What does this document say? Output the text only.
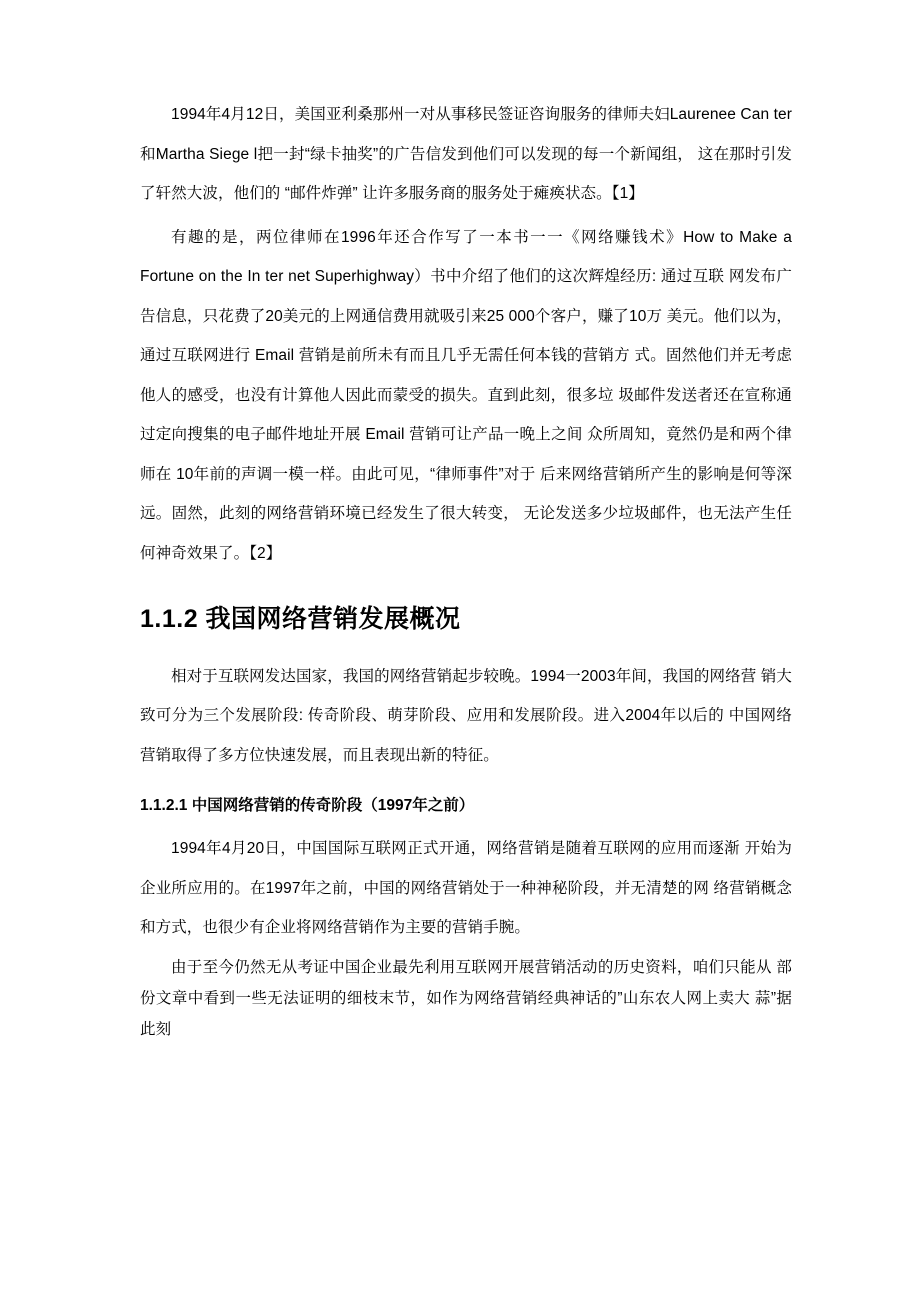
1994年4月12日，美国亚利桑那州一对从事移民签证咨询服务的律师夫妇Laurenee Can ter和Martha Siege l把一封“绿卡抽奖”的广告信发到他们可以发现的每一个新闻组， 这在那时引发了轩然大波，他们的 “邮件炸弹” 让许多服务商的服务处于瘫痪状态。【1】

有趣的是，两位律师在1996年还合作写了一本书一一《网络赚钱术》How to Make a Fortune on the In ter net Superhighway）书中介绍了他们的这次辉煌经历: 通过互联 网发布广告信息，只花费了20美元的上网通信费用就吸引来25 000个客户，赚了10万 美元。他们以为，通过互联网进行 Email 营销是前所未有而且几乎无需任何本钱的营销方 式。固然他们并无考虑他人的感受，也没有计算他人因此而蒙受的损失。直到此刻，很多垃 圾邮件发送者还在宣称通过定向搜集的电子邮件地址开展 Email 营销可让产品一晚上之间 众所周知，竟然仍是和两个律师在 10年前的声调一模一样。由此可见，“律师事件”对于 后来网络营销所产生的影响是何等深远。固然，此刻的网络营销环境已经发生了很大转变， 无论发送多少垃圾邮件，也无法产生任何神奇效果了。【2】

1.1.2 我国网络营销发展概况

相对于互联网发达国家，我国的网络营销起步较晚。1994一2003年间，我国的网络营 销大致可分为三个发展阶段: 传奇阶段、萌芽阶段、应用和发展阶段。进入2004年以后的 中国网络营销取得了多方位快速发展，而且表现出新的特征。

1.1.2.1 中国网络营销的传奇阶段（1997年之前）

1994年4月20日，中国国际互联网正式开通，网络营销是随着互联网的应用而逐渐 开始为企业所应用的。在1997年之前，中国的网络营销处于一种神秘阶段，并无清楚的网 络营销概念和方式，也很少有企业将网络营销作为主要的营销手腕。

由于至今仍然无从考证中国企业最先利用互联网开展营销活动的历史资料，咱们只能从 部份文章中看到一些无法证明的细枝末节，如作为网络营销经典神话的”山东农人网上卖大 蒜”据此刻
